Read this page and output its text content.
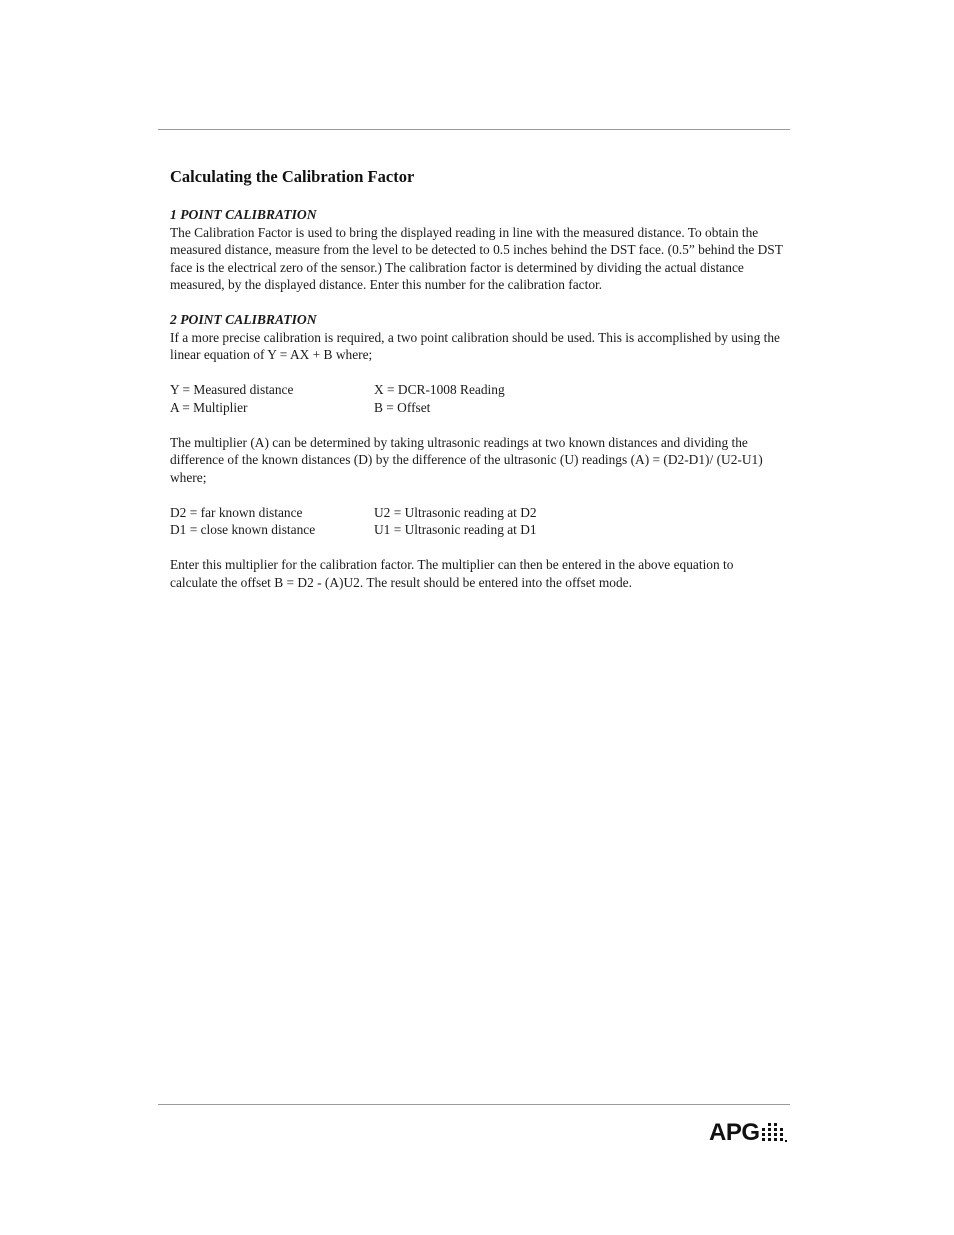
Calculating the Calibration Factor

1 POINT CALIBRATION

The Calibration Factor is used to bring the displayed reading in line with the measured distance. To obtain the measured distance, measure from the level to be detected to 0.5 inches behind the DST face. (0.5” behind the DST face is the electrical zero of the sensor.) The calibration factor is determined by dividing the actual distance measured, by the displayed distance. Enter this number for the calibration factor.

2 POINT CALIBRATION

If a more precise calibration is required, a two point calibration should be used. This is accomplished by using the linear equation of Y = AX + B where;

Y = Measured distance	X = DCR-1008 Reading
A = Multiplier	B = Offset

The multiplier (A) can be determined by taking ultrasonic readings at two known distances and dividing the difference of the known distances (D) by the difference of the ultrasonic (U) readings (A) = (D2-D1)/ (U2-U1) where;

D2 = far known distance	U2 = Ultrasonic reading at D2
D1 = close known distance	U1 = Ultrasonic reading at D1

Enter this multiplier for the calibration factor. The multiplier can then be entered in the above equation to calculate the offset B = D2 - (A)U2. The result should be entered into the offset mode.

APG
